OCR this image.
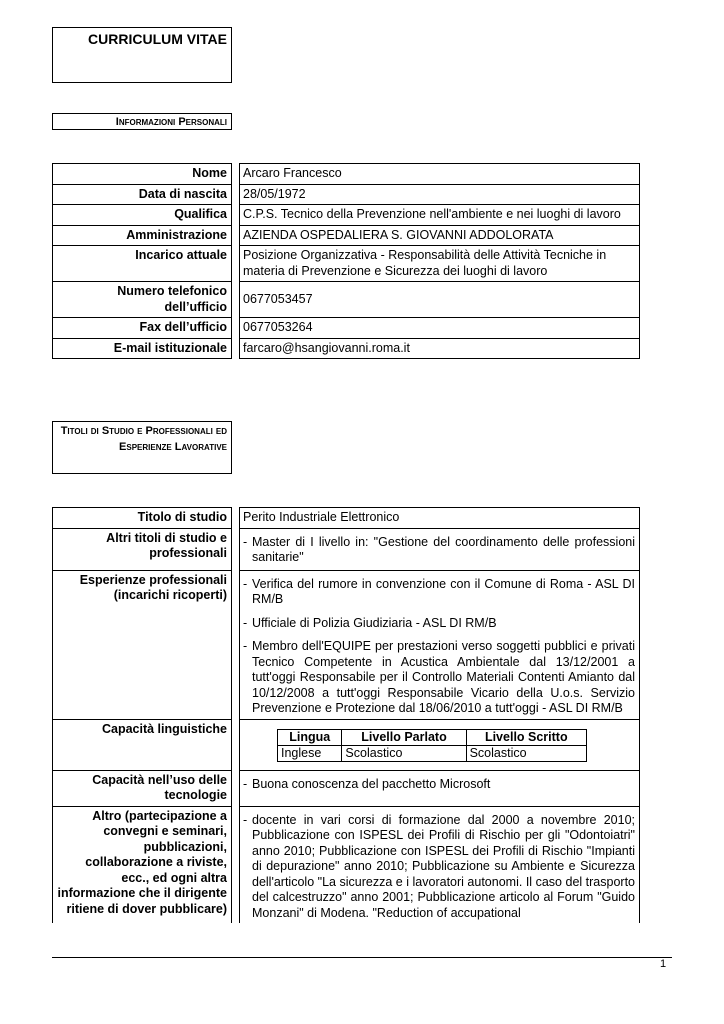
CURRICULUM VITAE
Informazioni Personali
Nome		Arcaro Francesco
Data di nascita		28/05/1972
Qualifica		C.P.S. Tecnico della Prevenzione nell'ambiente e nei luoghi di lavoro
Amministrazione		AZIENDA OSPEDALIERA S. GIOVANNI ADDOLORATA
Incarico attuale		Posizione Organizzativa - Responsabilità delle Attività Tecniche in materia di Prevenzione e Sicurezza dei luoghi di lavoro
Numero telefonico dell’ufficio		0677053457
Fax dell’ufficio		0677053264
E-mail istituzionale		farcaro@hsangiovanni.roma.it
Titoli di Studio e Professionali ed Esperienze Lavorative
Titolo di studio		Perito Industriale Elettronico
Altri titoli di studio e professionali		
- Master di I livello in: "Gestione del coordinamento delle professioni sanitarie"

Esperienze professionali (incarichi ricoperti)		
- Verifica del rumore in convenzione con il Comune di Roma - ASL DI RM/B
- Ufficiale di Polizia Giudiziaria - ASL DI RM/B
- Membro dell'EQUIPE per prestazioni verso soggetti pubblici e privati Tecnico Competente in Acustica Ambientale dal 13/12/2001 a tutt'oggi Responsabile per il Controllo Materiali Contenti Amianto dal 10/12/2008 a tutt'oggi Responsabile Vicario della U.o.s. Servizio Prevenzione e Protezione dal 18/06/2010 a tutt'oggi - ASL DI RM/B

Capacità linguistiche		
Lingua	Livello Parlato	Livello Scritto
Inglese	Scolastico	Scolastico

Capacità nell’uso delle tecnologie		
- Buona conoscenza del pacchetto Microsoft

Altro (partecipazione a convegni e seminari, pubblicazioni, collaborazione a riviste, ecc., ed ogni altra informazione che il dirigente ritiene di dover pubblicare)		
- docente in vari corsi di formazione dal 2000 a novembre 2010; Pubblicazione con ISPESL dei Profili di Rischio per gli "Odontoiatri" anno 2010; Pubblicazione con ISPESL dei Profili di Rischio "Impianti di depurazione" anno 2010; Pubblicazione su Ambiente e Sicurezza dell'articolo "La sicurezza e i lavoratori autonomi. Il caso del trasporto del calcestruzzo" anno 2001; Pubblicazione articolo al Forum "Guido Monzani" di Modena. "Reduction of accupational
1
